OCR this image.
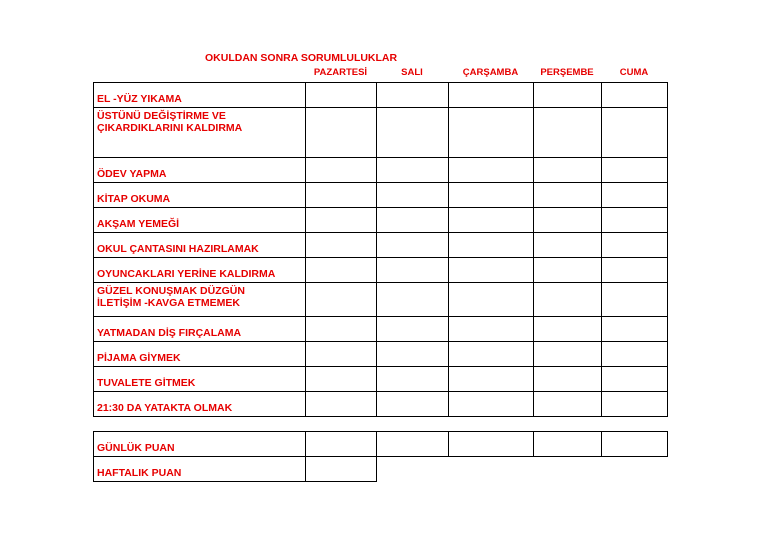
OKULDAN SONRA SORUMLULUKLAR
PAZARTESİ	SALI	ÇARŞAMBA	PERŞEMBE	CUMA
EL -YÜZ YIKAMA					

ÜSTÜNÜ DEĞİŞTİRME VE
ÇIKARDIKLARINI KALDIRMA					

ÖDEV YAPMA					

KİTAP OKUMA					

AKŞAM YEMEĞİ					

OKUL ÇANTASINI HAZIRLAMAK					

OYUNCAKLARI YERİNE KALDIRMA					

GÜZEL KONUŞMAK DÜZGÜN
İLETİŞİM -KAVGA ETMEMEK					

YATMADAN DİŞ FIRÇALAMA					

PİJAMA GİYMEK					

TUVALETE GİTMEK					

21:30 DA YATAKTA OLMAK					

GÜNLÜK PUAN					
HAFTALIK PUAN					
